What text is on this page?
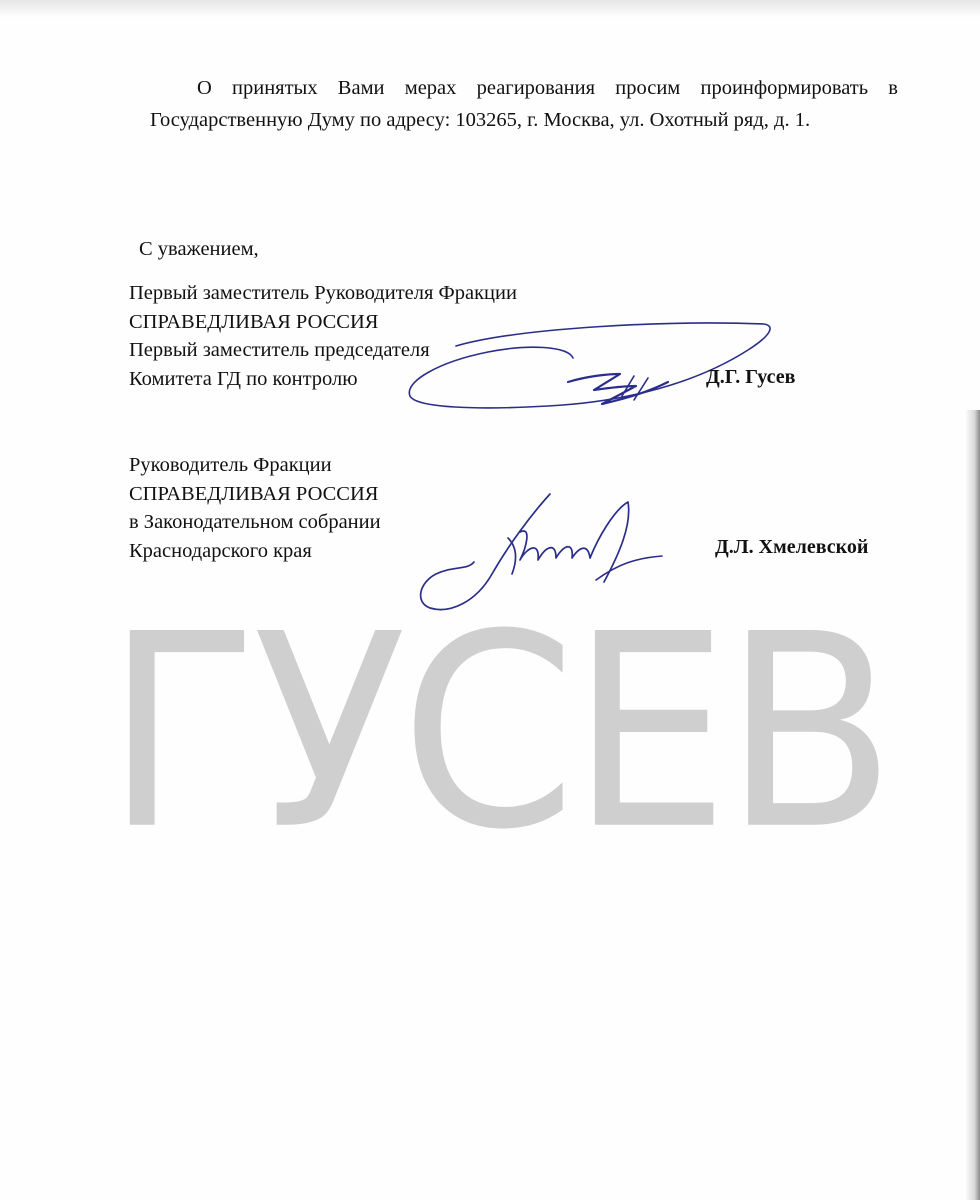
О принятых Вами мерах реагирования просим проинформировать в Государственную Думу по адресу: 103265, г. Москва, ул. Охотный ряд, д. 1.

С уважением,
Первый заместитель Руководителя Фракции
СПРАВЕДЛИВАЯ РОССИЯ
Первый заместитель председателя
Комитета ГД по контролю	Д.Г. Гусев
Руководитель Фракции
СПРАВЕДЛИВАЯ РОССИЯ
в Законодательном собрании
Краснодарского края	Д.Л. Хмелевской
ГУСЕВ
